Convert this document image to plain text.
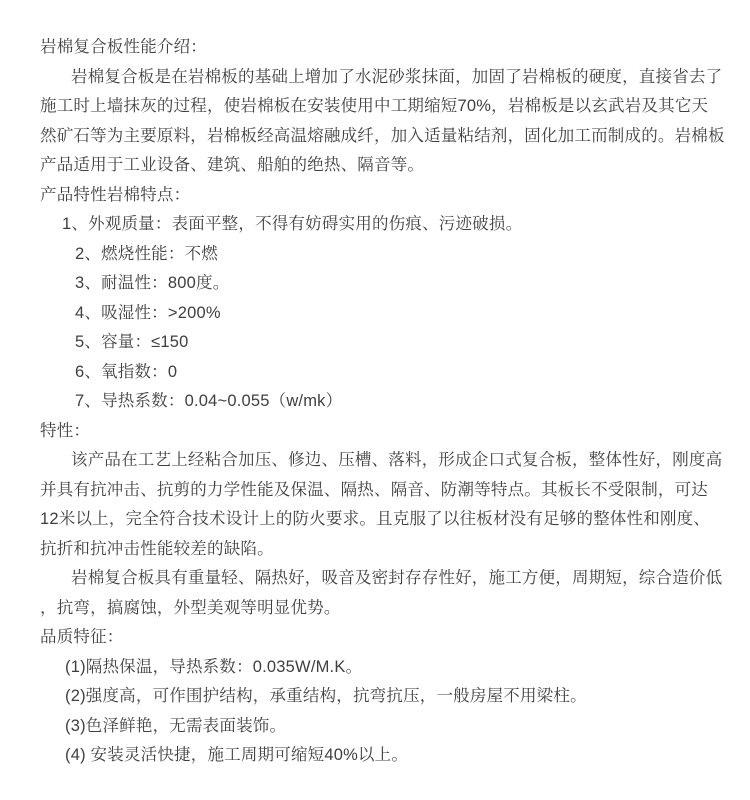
岩棉复合板性能介绍：
岩棉复合板是在岩棉板的基础上增加了水泥砂浆抹面，加固了岩棉板的硬度，直接省去了
施工时上墙抹灰的过程，使岩棉板在安装使用中工期缩短70%，岩棉板是以玄武岩及其它天
然矿石等为主要原料，岩棉板经高温熔融成纤，加入适量粘结剂，固化加工而制成的。岩棉板
产品适用于工业设备、建筑、船舶的绝热、隔音等。
产品特性岩棉特点：
1、外观质量：表面平整，不得有妨碍实用的伤痕、污迹破损。
2、燃烧性能：不燃
3、耐温性：800度。
4、吸湿性：>200%
5、容量：≤150
6、氧指数：0
7、导热系数：0.04~0.055（w/mk）
特性：
该产品在工艺上经粘合加压、修边、压槽、落料，形成企口式复合板，整体性好，刚度高
并具有抗冲击、抗剪的力学性能及保温、隔热、隔音、防潮等特点。其板长不受限制，可达
12米以上，完全符合技术设计上的防火要求。且克服了以往板材没有足够的整体性和刚度、
抗折和抗冲击性能较差的缺陷。
岩棉复合板具有重量轻、隔热好，吸音及密封存存性好，施工方便，周期短，综合造价低
，抗弯，搞腐蚀，外型美观等明显优势。
品质特征：
(1)隔热保温，导热系数：0.035W/M.K。
(2)强度高，可作围护结构，承重结构，抗弯抗压，一般房屋不用梁柱。
(3)色泽鲜艳，无需表面装饰。
(4) 安装灵活快捷，施工周期可缩短40%以上。
